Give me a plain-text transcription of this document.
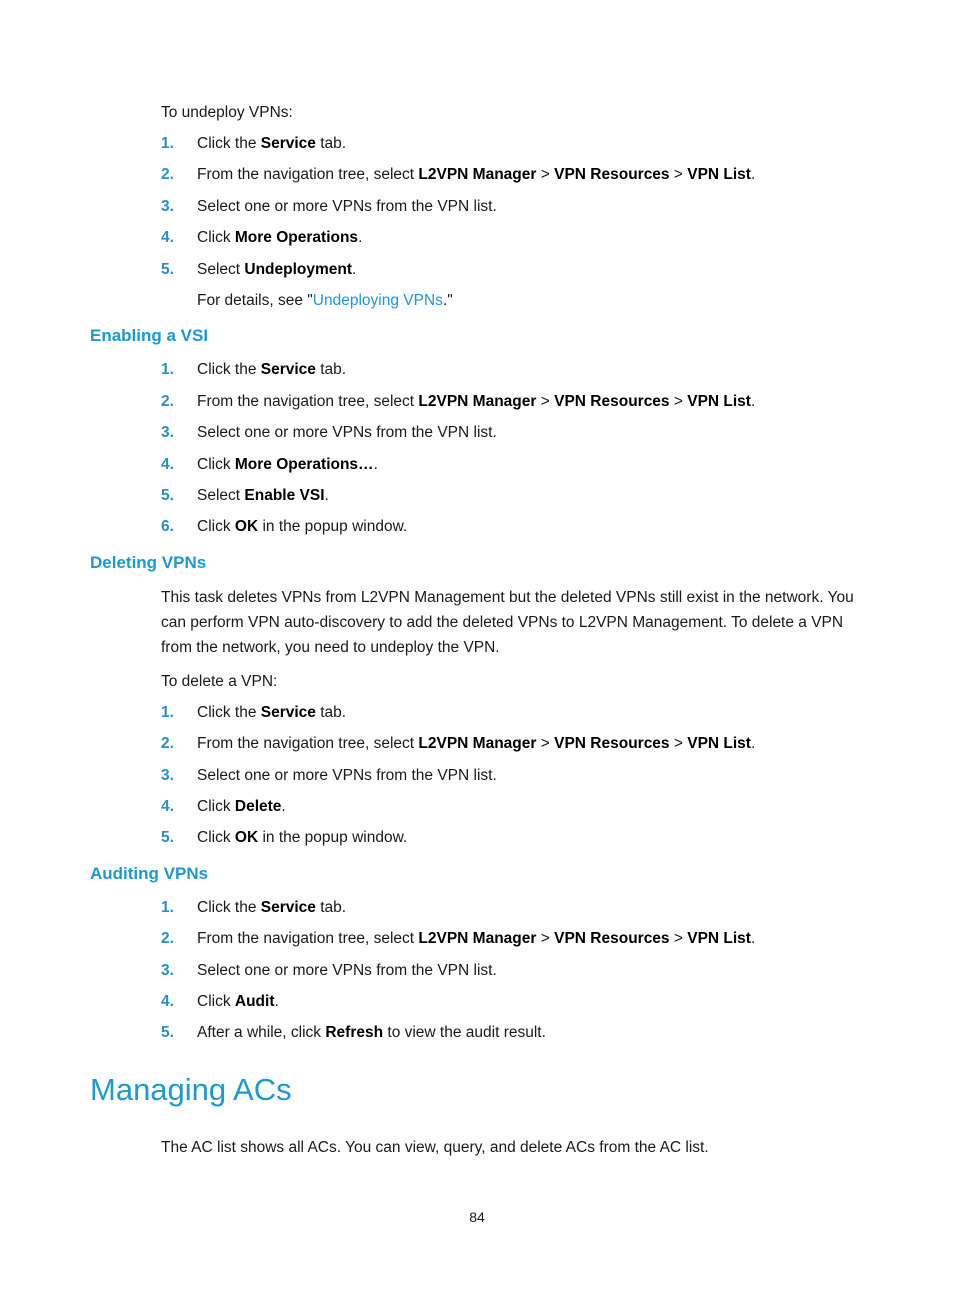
To undeploy VPNs:

1.	Click the Service tab.
2.	From the navigation tree, select L2VPN Manager > VPN Resources > VPN List.
3.	Select one or more VPNs from the VPN list.
4.	Click More Operations.
5.	Select Undeployment.
For details, see "Undeploying VPNs."
Enabling a VSI
1.	Click the Service tab.
2.	From the navigation tree, select L2VPN Manager > VPN Resources > VPN List.
3.	Select one or more VPNs from the VPN list.
4.	Click More Operations….
5.	Select Enable VSI.
6.	Click OK in the popup window.
Deleting VPNs

This task deletes VPNs from L2VPN Management but the deleted VPNs still exist in the network. You can perform VPN auto-discovery to add the deleted VPNs to L2VPN Management. To delete a VPN from the network, you need to undeploy the VPN.

To delete a VPN:

1.	Click the Service tab.
2.	From the navigation tree, select L2VPN Manager > VPN Resources > VPN List.
3.	Select one or more VPNs from the VPN list.
4.	Click Delete.
5.	Click OK in the popup window.
Auditing VPNs
1.	Click the Service tab.
2.	From the navigation tree, select L2VPN Manager > VPN Resources > VPN List.
3.	Select one or more VPNs from the VPN list.
4.	Click Audit.
5.	After a while, click Refresh to view the audit result.
Managing ACs

The AC list shows all ACs. You can view, query, and delete ACs from the AC list.

84
